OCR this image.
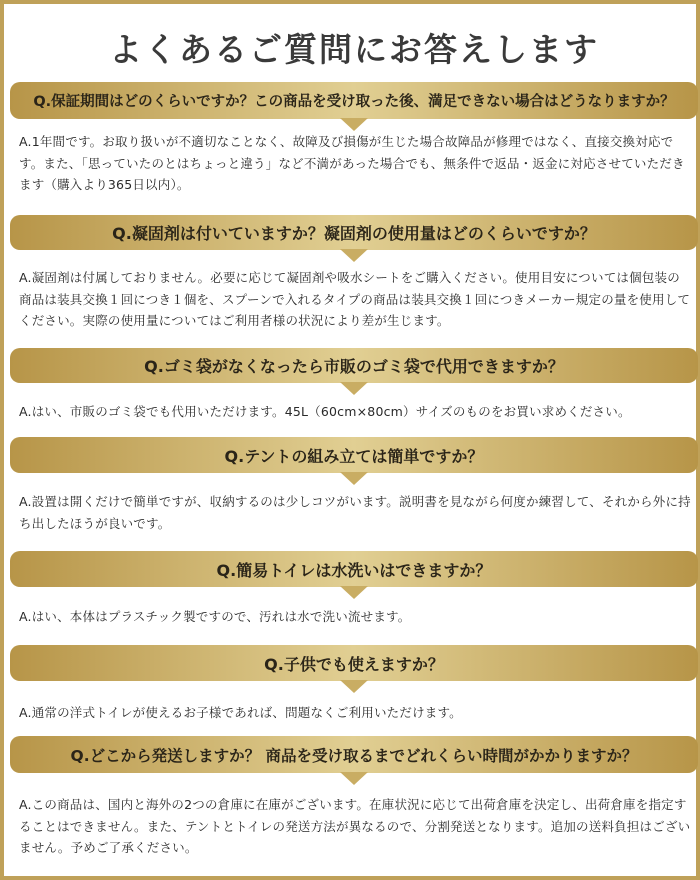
よくあるご質問にお答えします
Q.保証期間はどのくらいですか？この商品を受け取った後、満足できない場合はどうなりますか？
A.1年間です。お取り扱いが不適切なことなく、故障及び損傷が生じた場合故障品が修理ではなく、直接交換対応です。また、「思っていたのとはちょっと違う」など不満があった場合でも、無条件で返品・返金に対応させていただきます（購入より365日以内）。
Q.凝固剤は付いていますか？凝固剤の使用量はどのくらいですか？
A.凝固剤は付属しておりません。必要に応じて凝固剤や吸水シートをご購入ください。使用目安については個包装の商品は装具交換１回につき１個を、スプーンで入れるタイプの商品は装具交換１回につきメーカー規定の量を使用してください。実際の使用量についてはご利用者様の状況により差が生じます。
Q.ゴミ袋がなくなったら市販のゴミ袋で代用できますか？
A.はい、市販のゴミ袋でも代用いただけます。45L（60cm×80cm）サイズのものをお買い求めください。
Q.テントの組み立ては簡単ですか？
A.設置は開くだけで簡単ですが、収納するのは少しコツがいます。説明書を見ながら何度か練習して、それから外に持ち出したほうが良いです。
Q.簡易トイレは水洗いはできますか？
A.はい、本体はプラスチック製ですので、汚れは水で洗い流せます。
Q.子供でも使えますか？
A.通常の洋式トイレが使えるお子様であれば、問題なくご利用いただけます。
Q.どこから発送しますか？ 商品を受け取るまでどれくらい時間がかかりますか？
A.この商品は、国内と海外の2つの倉庫に在庫がございます。在庫状況に応じて出荷倉庫を決定し、出荷倉庫を指定することはできません。また、テントとトイレの発送方法が異なるので、分割発送となります。追加の送料負担はございません。予めご了承ください。
